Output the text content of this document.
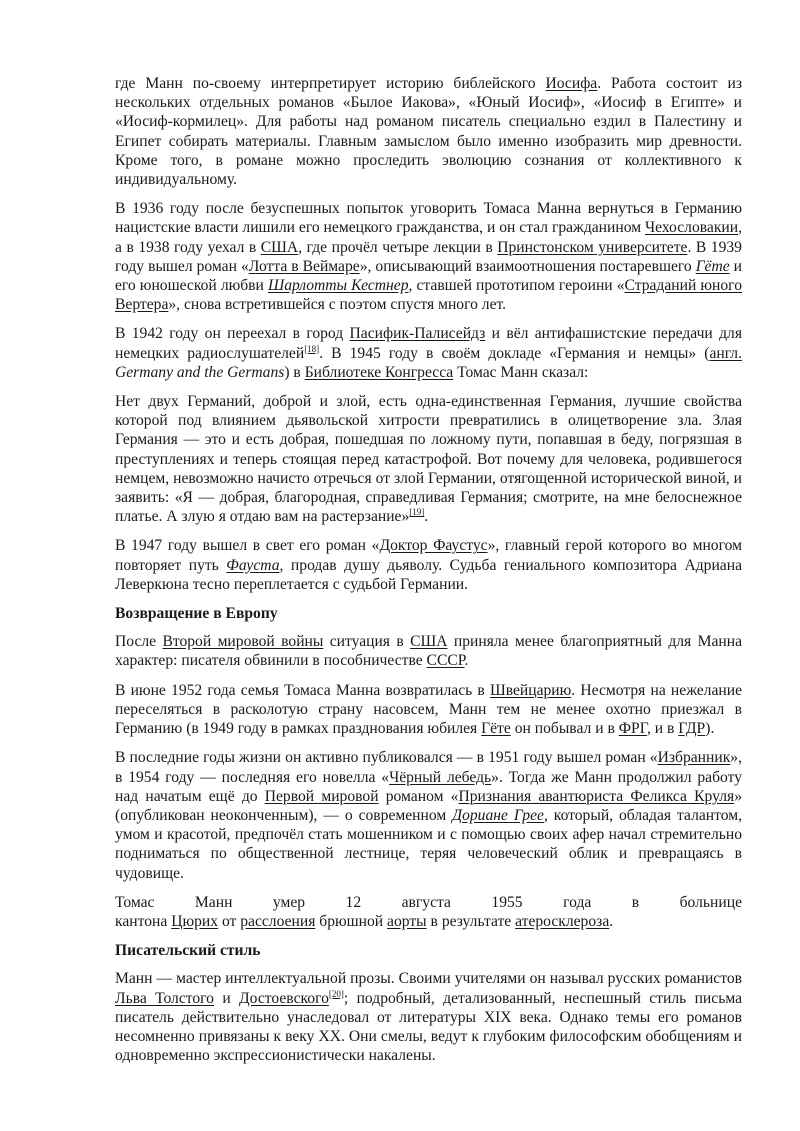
где Манн по-своему интерпретирует историю библейского Иосифа. Работа состоит из нескольких отдельных романов «Былое Иакова», «Юный Иосиф», «Иосиф в Египте» и «Иосиф-кормилец». Для работы над романом писатель специально ездил в Палестину и Египет собирать материалы. Главным замыслом было именно изобразить мир древности. Кроме того, в романе можно проследить эволюцию сознания от коллективного к индивидуальному.

В 1936 году после безуспешных попыток уговорить Томаса Манна вернуться в Германию нацистские власти лишили его немецкого гражданства, и он стал гражданином Чехословакии, а в 1938 году уехал в США, где прочёл четыре лекции в Принстонском университете. В 1939 году вышел роман «Лотта в Веймаре», описывающий взаимоотношения постаревшего Гёте и его юношеской любви Шарлотты Кестнер, ставшей прототипом героини «Страданий юного Вертера», снова встретившейся с поэтом спустя много лет.

В 1942 году он переехал в город Пасифик-Палисейдз и вёл антифашистские передачи для немецких радиослушателей[18]. В 1945 году в своём докладе «Германия и немцы» (англ. Germany and the Germans) в Библиотеке Конгресса Томас Манн сказал:

Нет двух Германий, доброй и злой, есть одна-единственная Германия, лучшие свойства которой под влиянием дьявольской хитрости превратились в олицетворение зла. Злая Германия — это и есть добрая, пошедшая по ложному пути, попавшая в беду, погрязшая в преступлениях и теперь стоящая перед катастрофой. Вот почему для человека, родившегося немцем, невозможно начисто отречься от злой Германии, отягощенной исторической виной, и заявить: «Я — добрая, благородная, справедливая Германия; смотрите, на мне белоснежное платье. А злую я отдаю вам на растерзание»[19].

В 1947 году вышел в свет его роман «Доктор Фаустус», главный герой которого во многом повторяет путь Фауста, продав душу дьяволу. Судьба гениального композитора Адриана Леверкюна тесно переплетается с судьбой Германии.

Возвращение в Европу

После Второй мировой войны ситуация в США приняла менее благоприятный для Манна характер: писателя обвинили в пособничестве СССР.

В июне 1952 года семья Томаса Манна возвратилась в Швейцарию. Несмотря на нежелание переселяться в расколотую страну насовсем, Манн тем не менее охотно приезжал в Германию (в 1949 году в рамках празднования юбилея Гёте он побывал и в ФРГ, и в ГДР).

В последние годы жизни он активно публиковался — в 1951 году вышел роман «Избранник», в 1954 году — последняя его новелла «Чёрный лебедь». Тогда же Манн продолжил работу над начатым ещё до Первой мировой романом «Признания авантюриста Феликса Круля» (опубликован неоконченным), — о современном Дориане Грее, который, обладая талантом, умом и красотой, предпочёл стать мошенником и с помощью своих афер начал стремительно подниматься по общественной лестнице, теряя человеческий облик и превращаясь в чудовище.

Томас Манн умер 12 августа 1955 года в больнице
кантона Цюрих от расслоения брюшной аорты в результате атеросклероза.

Писательский стиль

Манн — мастер интеллектуальной прозы. Своими учителями он называл русских романистов Льва Толстого и Достоевского[20]; подробный, детализованный, неспешный стиль письма писатель действительно унаследовал от литературы XIX века. Однако темы его романов несомненно привязаны к веку XX. Они смелы, ведут к глубоким философским обобщениям и одновременно экспрессионистически накалены.
